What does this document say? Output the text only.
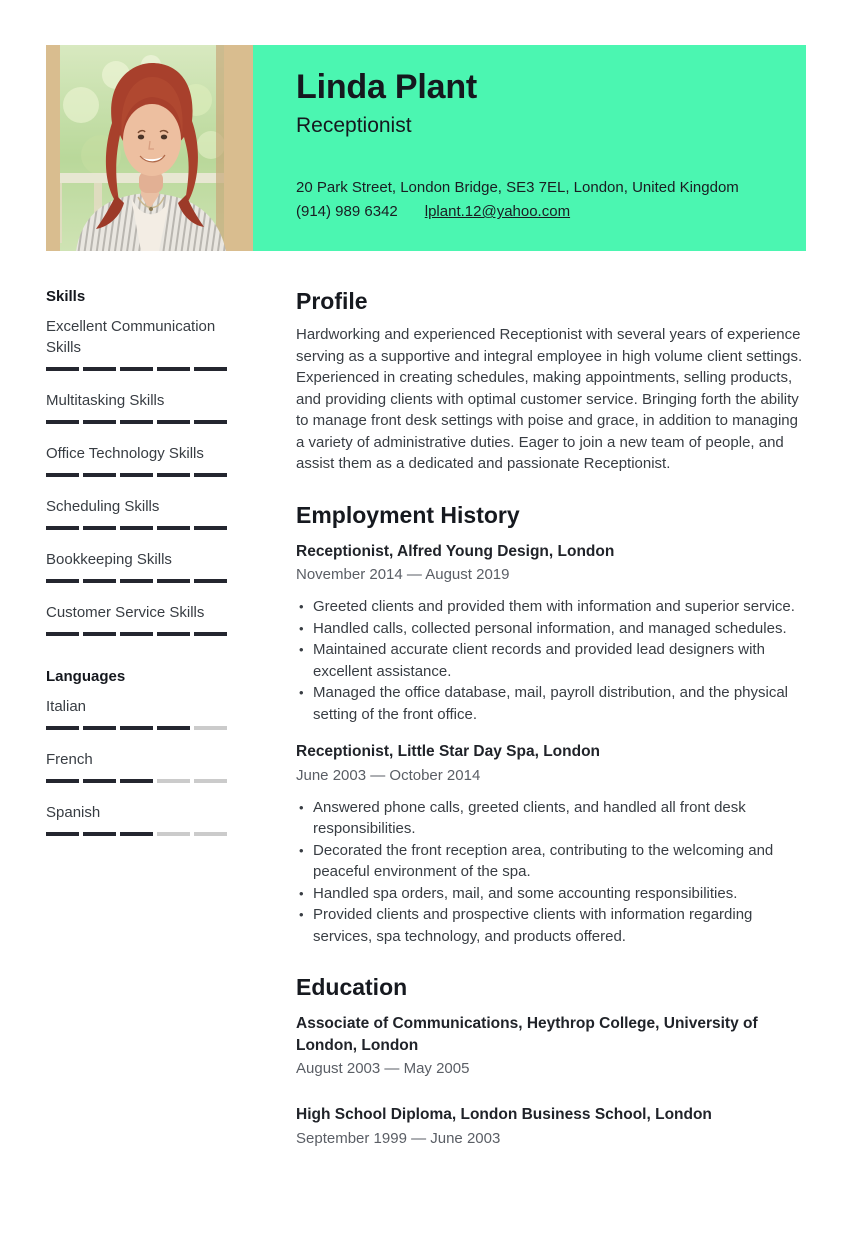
Linda Plant
Receptionist
20 Park Street, London Bridge, SE3 7EL, London, United Kingdom
(914) 989 6342 lplant.12@yahoo.com
Skills
Excellent Communication Skills
Multitasking Skills
Office Technology Skills
Scheduling Skills
Bookkeeping Skills
Customer Service Skills
Languages
Italian
French
Spanish
Profile
Hardworking and experienced Receptionist with several years of experience serving as a supportive and integral employee in high volume client settings. Experienced in creating schedules, making appointments, selling products, and providing clients with optimal customer service. Bringing forth the ability to manage front desk settings with poise and grace, in addition to managing a variety of administrative duties. Eager to join a new team of people, and assist them as a dedicated and passionate Receptionist.
Employment History
Receptionist, Alfred Young Design, London
November 2014 — August 2019
• Greeted clients and provided them with information and superior service.
• Handled calls, collected personal information, and managed schedules.
• Maintained accurate client records and provided lead designers with excellent assistance.
• Managed the office database, mail, payroll distribution, and the physical setting of the front office.
Receptionist, Little Star Day Spa, London
June 2003 — October 2014
• Answered phone calls, greeted clients, and handled all front desk responsibilities.
• Decorated the front reception area, contributing to the welcoming and peaceful environment of the spa.
• Handled spa orders, mail, and some accounting responsibilities.
• Provided clients and prospective clients with information regarding services, spa technology, and products offered.
Education
Associate of Communications, Heythrop College, University of London, London
August 2003 — May 2005
High School Diploma, London Business School, London
September 1999 — June 2003
